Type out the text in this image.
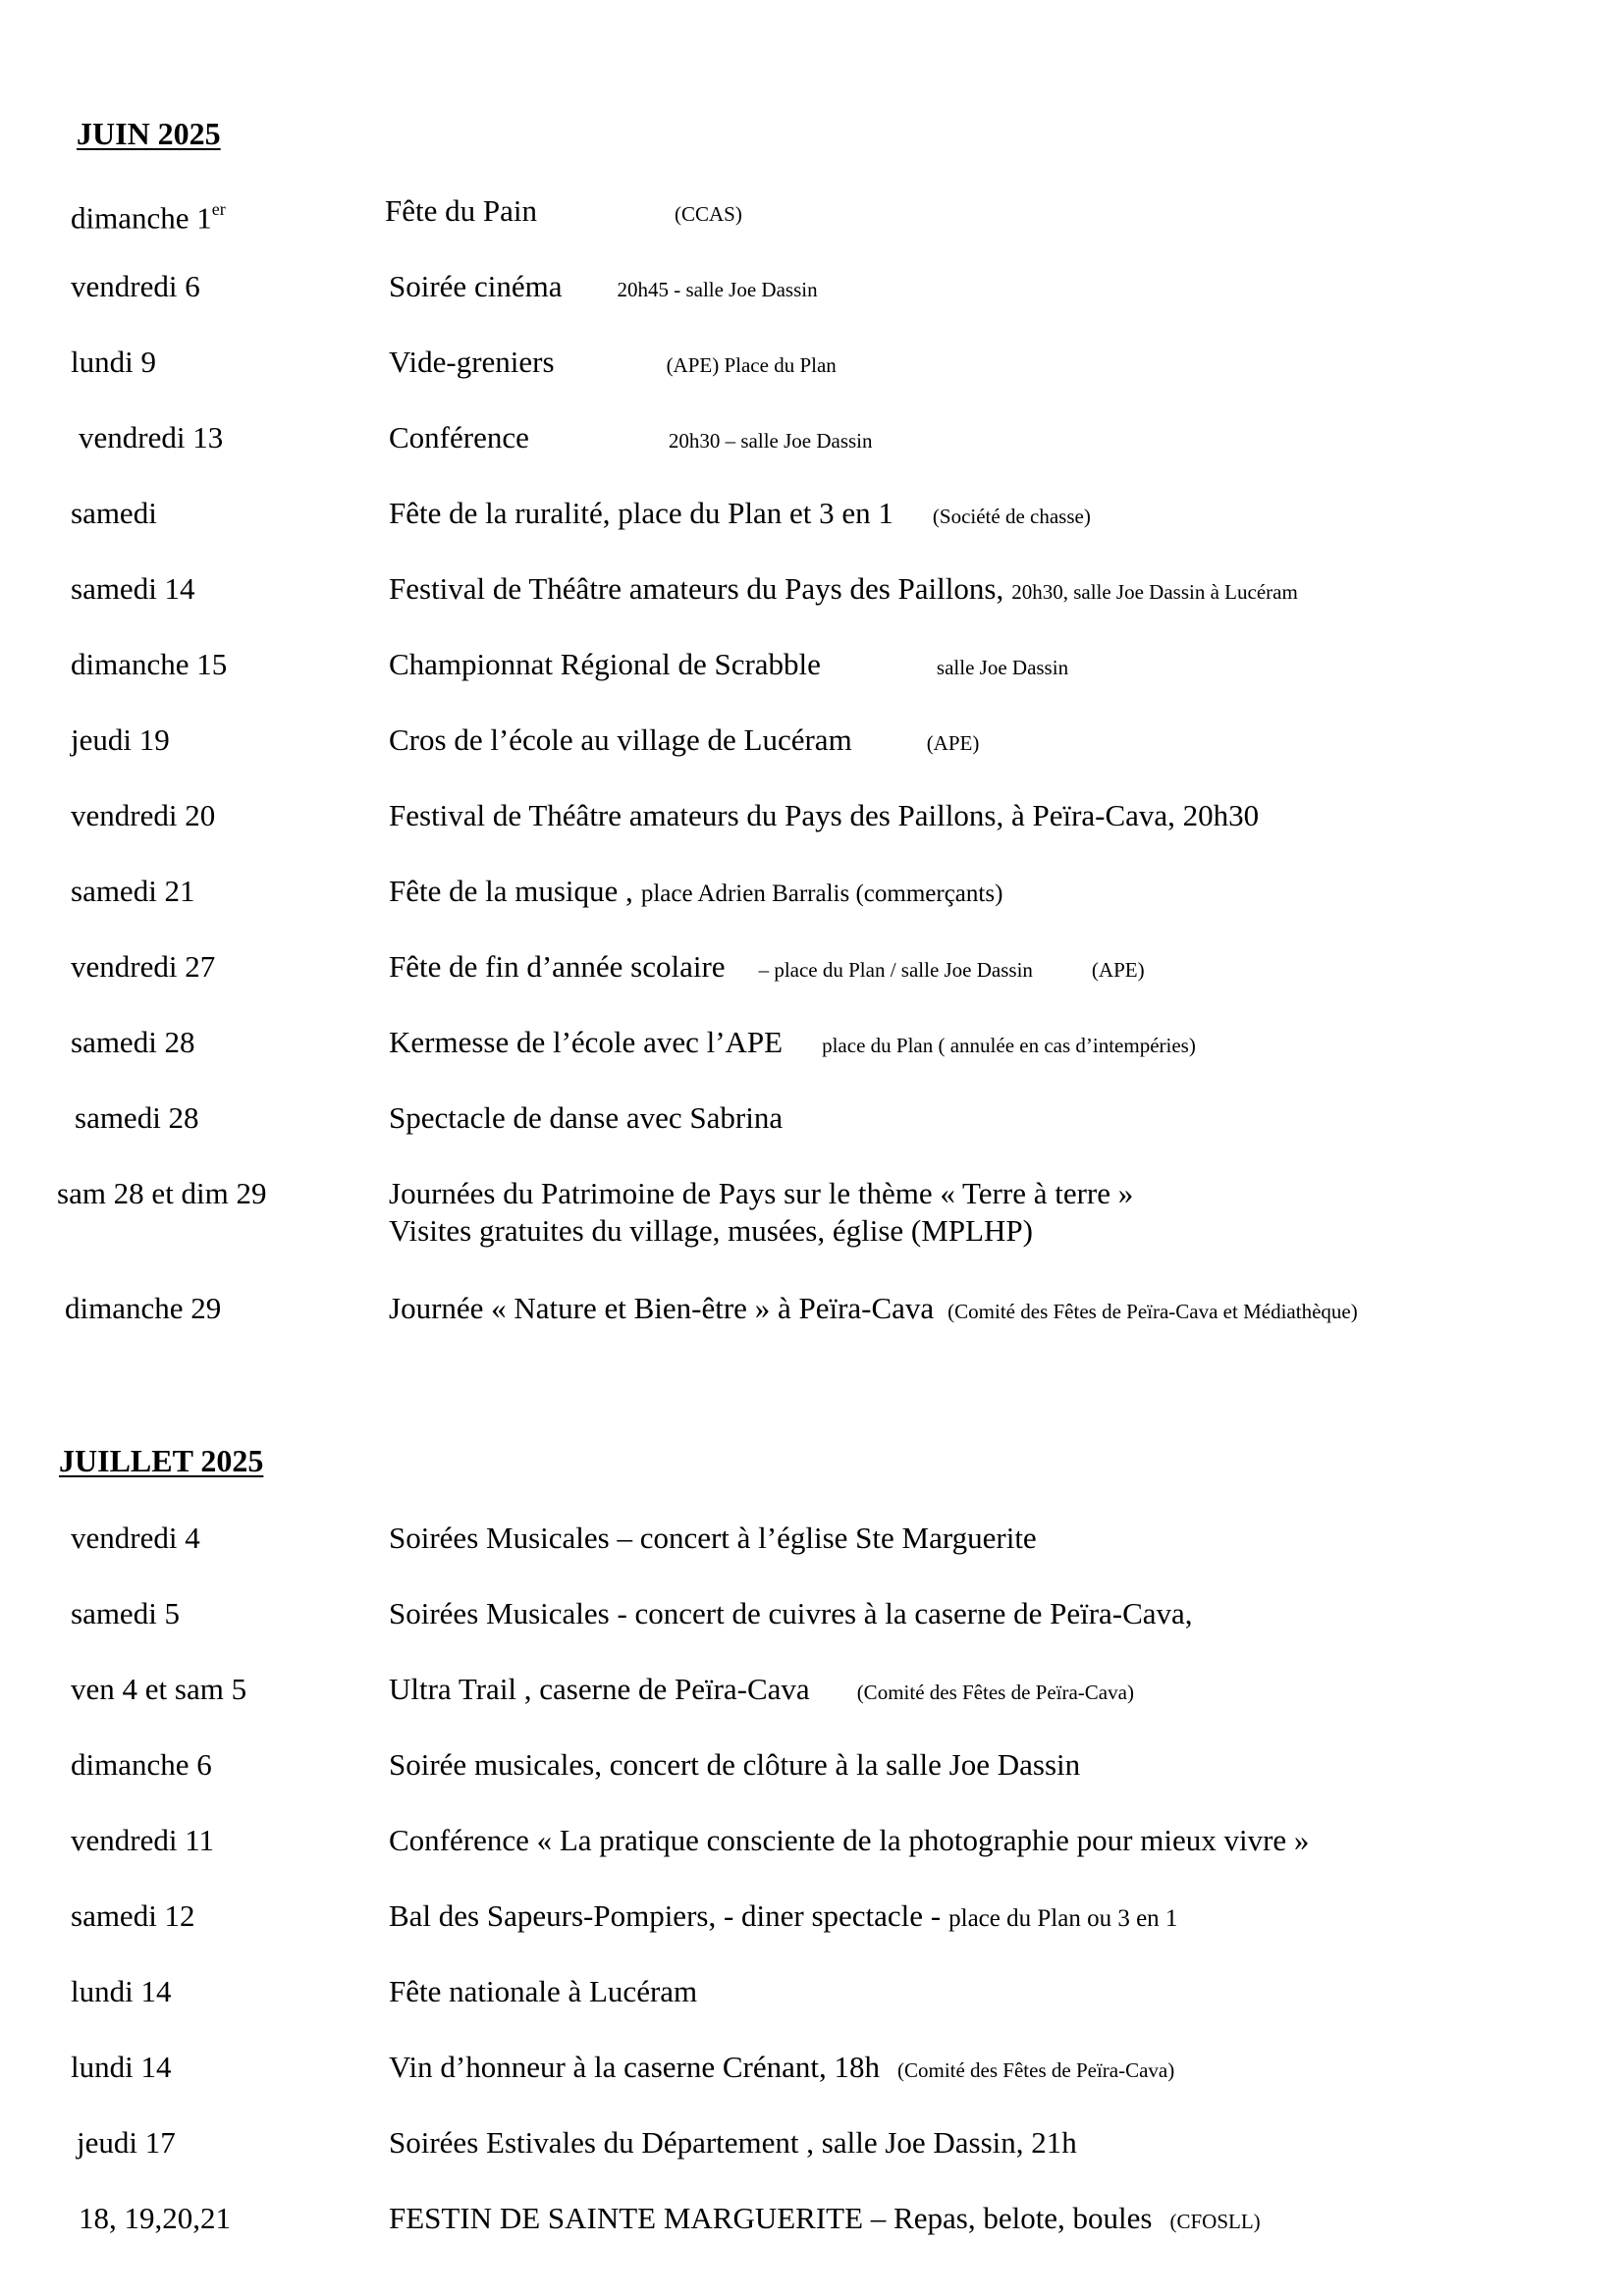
JUIN 2025
dimanche 1er	Fête du Pain	(CCAS)
vendredi 6	Soirée cinéma	20h45 - salle Joe Dassin
lundi 9	Vide-greniers	(APE) Place du Plan
vendredi 13	Conférence	20h30 – salle Joe Dassin
samedi	Fête de la ruralité, place du Plan et 3 en 1 (Société de chasse)
samedi 14	Festival de Théâtre amateurs du Pays des Paillons, 20h30, salle Joe Dassin à Lucéram
dimanche 15	Championnat Régional de Scrabble	salle Joe Dassin
jeudi 19	Cros de l’école au village de Lucéram	(APE)
vendredi 20	Festival de Théâtre amateurs du Pays des Paillons, à Peïra-Cava, 20h30
samedi 21	Fête de la musique , place Adrien Barralis (commerçants)
vendredi 27	Fête de fin d’année scolaire – place du Plan / salle Joe Dassin	(APE)
samedi 28	Kermesse de l’école avec l’APE place du Plan ( annulée en cas d’intempéries)
samedi 28	Spectacle de danse avec Sabrina
sam 28 et dim 29	Journées du Patrimoine de Pays sur le thème « Terre à terre »
Visites gratuites du village, musées, église (MPLHP)
dimanche 29	Journée « Nature et Bien-être » à Peïra-Cava (Comité des Fêtes de Peïra-Cava et Médiathèque)
JUILLET 2025
vendredi 4	Soirées Musicales – concert à l’église Ste Marguerite
samedi 5	Soirées Musicales - concert de cuivres à la caserne de Peïra-Cava,
ven 4 et sam 5	Ultra Trail , caserne de Peïra-Cava (Comité des Fêtes de Peïra-Cava)
dimanche 6	Soirée musicales, concert de clôture à la salle Joe Dassin
vendredi 11	Conférence « La pratique consciente de la photographie pour mieux vivre »
samedi 12	Bal des Sapeurs-Pompiers, - diner spectacle - place du Plan ou 3 en 1
lundi 14	Fête nationale à Lucéram
lundi 14	Vin d’honneur à la caserne Crénant, 18h (Comité des Fêtes de Peïra-Cava)
jeudi 17	Soirées Estivales du Département , salle Joe Dassin, 21h
18, 19,20,21	FESTIN DE SAINTE MARGUERITE – Repas, belote, boules (CFOSLL)
